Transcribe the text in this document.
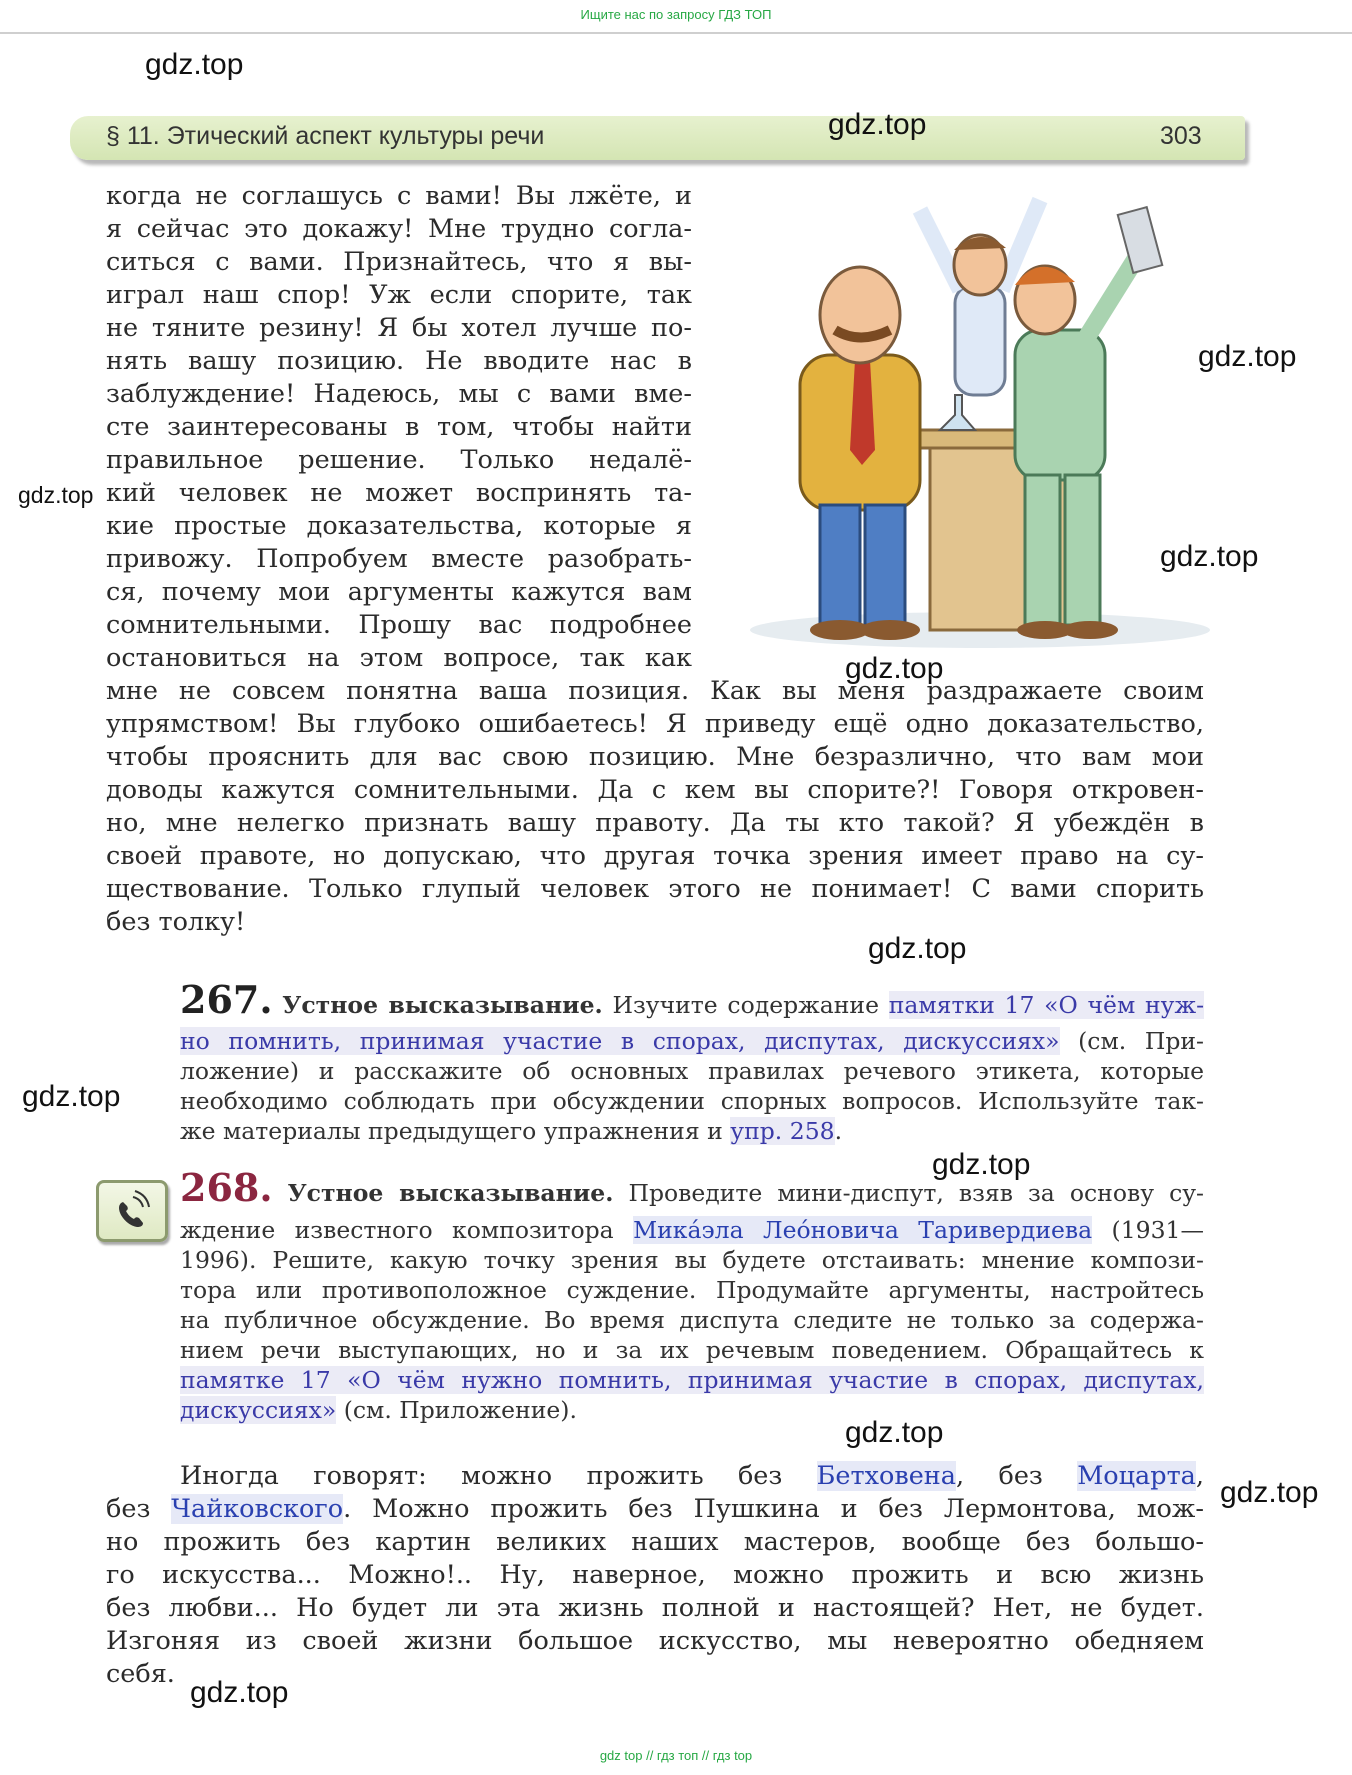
Ищите нас по запросу ГДЗ ТОП
§ 11. Этический аспект культуры речи	303
когда не соглашусь с вами! Вы лжёте, и
я сейчас это докажу! Мне трудно согла-
ситься с вами. Признайтесь, что я вы-
играл наш спор! Уж если спорите, так
не тяните резину! Я бы хотел лучше по-
нять вашу позицию. Не вводите нас в
заблуждение! Надеюсь, мы с вами вме-
сте заинтересованы в том, чтобы найти
правильное решение. Только недалё-
кий человек не может воспринять та-
кие простые доказательства, которые я
привожу. Попробуем вместе разобрать-
ся, почему мои аргументы кажутся вам
сомнительными. Прошу вас подробнее
остановиться на этом вопросе, так как
мне не совсем понятна ваша позиция. Как вы меня раздражаете своим
упрямством! Вы глубоко ошибаетесь! Я приведу ещё одно доказательство,
чтобы прояснить для вас свою позицию. Мне безразлично, что вам мои
доводы кажутся сомнительными. Да с кем вы спорите?! Говоря откровен-
но, мне нелегко признать вашу правоту. Да ты кто такой? Я убеждён в
своей правоте, но допускаю, что другая точка зрения имеет право на су-
ществование. Только глупый человек этого не понимает! С вами спорить
без толку!
267. Устное высказывание. Изучите содержание памятки 17 «О чём нуж-
но помнить, принимая участие в спорах, диспутах, дискуссиях» (см. При-
ложение) и расскажите об основных правилах речевого этикета, которые
необходимо соблюдать при обсуждении спорных вопросов. Используйте так-
же материалы предыдущего упражнения и упр. 258.
268. Устное высказывание. Проведите мини-диспут, взяв за основу су-
ждение известного композитора Мика́эла Лео́новича Таривердиева (1931—
1996). Решите, какую точку зрения вы будете отстаивать: мнение компози-
тора или противоположное суждение. Продумайте аргументы, настройтесь
на публичное обсуждение. Во время диспута следите не только за содержа-
нием речи выступающих, но и за их речевым поведением. Обращайтесь к
памятке 17 «О чём нужно помнить, принимая участие в спорах, диспутах,
дискуссиях» (см. Приложение).
Иногда говорят: можно прожить без Бетховена, без Моцарта,
без Чайковского. Можно прожить без Пушкина и без Лермонтова, мож-
но прожить без картин великих наших мастеров, вообще без большо-
го искусства... Можно!.. Ну, наверное, можно прожить и всю жизнь
без любви... Но будет ли эта жизнь полной и настоящей? Нет, не будет.
Изгоняя из своей жизни большое искусство, мы невероятно обедняем
себя.
gdz.top
gdz.top
gdz.top
gdz.top
gdz.top
gdz.top
gdz.top
gdz.top
gdz.top
gdz.top
gdz.top
gdz.top
gdz top // гдз топ // гдз top
